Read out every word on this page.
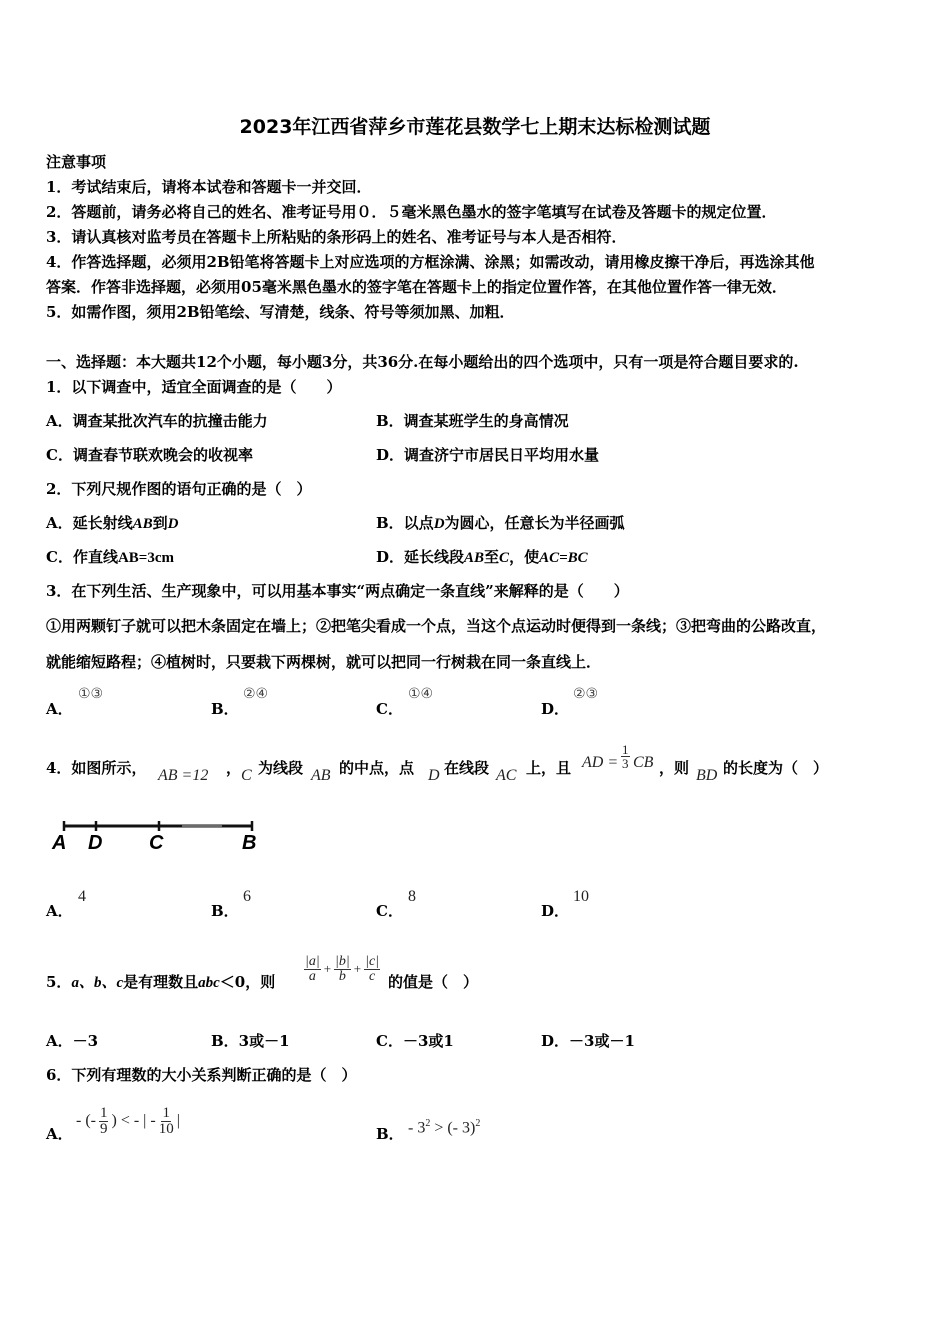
2023年江西省萍乡市莲花县数学七上期末达标检测试题
注意事项
1．考试结束后，请将本试卷和答题卡一并交回．
2．答题前，请务必将自己的姓名、准考证号用０．５毫米黑色墨水的签字笔填写在试卷及答题卡的规定位置．
3．请认真核对监考员在答题卡上所粘贴的条形码上的姓名、准考证号与本人是否相符．
4．作答选择题，必须用2B铅笔将答题卡上对应选项的方框涂满、涂黑；如需改动，请用橡皮擦干净后，再选涂其他
答案．作答非选择题，必须用05毫米黑色墨水的签字笔在答题卡上的指定位置作答，在其他位置作答一律无效．
5．如需作图，须用2B铅笔绘、写清楚，线条、符号等须加黑、加粗．
一、选择题：本大题共12个小题，每小题3分，共36分.在每小题给出的四个选项中，只有一项是符合题目要求的.
1．以下调查中，适宜全面调查的是（　　）
A．调查某批次汽车的抗撞击能力	B．调查某班学生的身高情况
C．调查春节联欢晚会的收视率	D．调查济宁市居民日平均用水量
2．下列尺规作图的语句正确的是（　）
A．延长射线AB到D	B．以点D为圆心，任意长为半径画弧
C．作直线AB=3cm	D．延长线段AB至C，使AC=BC
3．在下列生活、生产现象中，可以用基本事实“两点确定一条直线”来解释的是（　　）
①用两颗钉子就可以把木条固定在墙上；②把笔尖看成一个点，当这个点运动时便得到一条线；③把弯曲的公路改直，
就能缩短路程；④植树时，只要栽下两棵树，就可以把同一行树栽在同一条直线上．
A．
①③
B．
②④
C．
①④
D．
②③
4．如图所示， AB =12 ， C 为线段 AB 的中点，点 D 在线段 AC 上，且 AD = $\frac{1}{3}$ CB ，则 BD 的长度为（　）
A D C	B
A．
4
B．
6
C．
8
D．
10
5．a、b、c是有理数且abc＜0，则 $\frac{|a|}{a} + \frac{|b|}{b} + \frac{|c|}{c}$ 的值是（　）
A．－3	B．3或－1	C．－3或1	D．－3或－1
6．下列有理数的大小关系判断正确的是（　）
A．
- (- $\frac{1}{9}$ ) < - | - $\frac{1}{10}$ |
B． - $3^2$ > (- 3)$^2$
